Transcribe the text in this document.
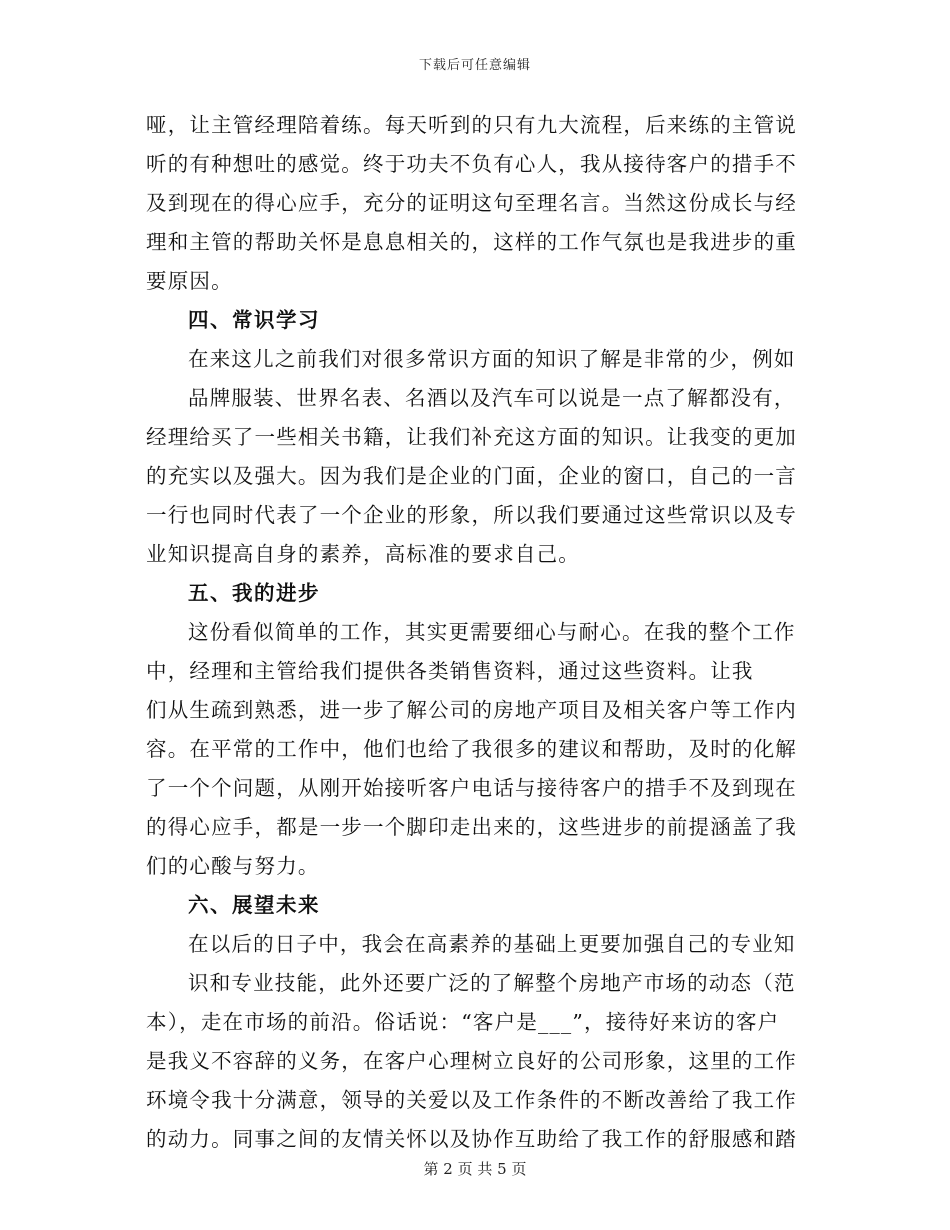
下载后可任意编辑
哑，让主管经理陪着练。每天听到的只有九大流程，后来练的主管说
听的有种想吐的感觉。终于功夫不负有心人，我从接待客户的措手不
及到现在的得心应手，充分的证明这句至理名言。当然这份成长与经
理和主管的帮助关怀是息息相关的，这样的工作气氛也是我进步的重
要原因。
四、常识学习
在来这儿之前我们对很多常识方面的知识了解是非常的少，例如
品牌服装、世界名表、名酒以及汽车可以说是一点了解都没有，
经理给买了一些相关书籍，让我们补充这方面的知识。让我变的更加
的充实以及强大。因为我们是企业的门面，企业的窗口，自己的一言
一行也同时代表了一个企业的形象，所以我们要通过这些常识以及专
业知识提高自身的素养，高标准的要求自己。
五、我的进步
这份看似简单的工作，其实更需要细心与耐心。在我的整个工作
中，经理和主管给我们提供各类销售资料，通过这些资料。让我
们从生疏到熟悉，进一步了解公司的房地产项目及相关客户等工作内
容。在平常的工作中，他们也给了我很多的建议和帮助，及时的化解
了一个个问题，从刚开始接听客户电话与接待客户的措手不及到现在
的得心应手，都是一步一个脚印走出来的，这些进步的前提涵盖了我
们的心酸与努力。
六、展望未来
在以后的日子中，我会在高素养的基础上更要加强自己的专业知
识和专业技能，此外还要广泛的了解整个房地产市场的动态（范
本），走在市场的前沿。俗话说：“客户是___”，接待好来访的客户
是我义不容辞的义务，在客户心理树立良好的公司形象，这里的工作
环境令我十分满意，领导的关爱以及工作条件的不断改善给了我工作
的动力。同事之间的友情关怀以及协作互助给了我工作的舒服感和踏
第 2 页 共 5 页
